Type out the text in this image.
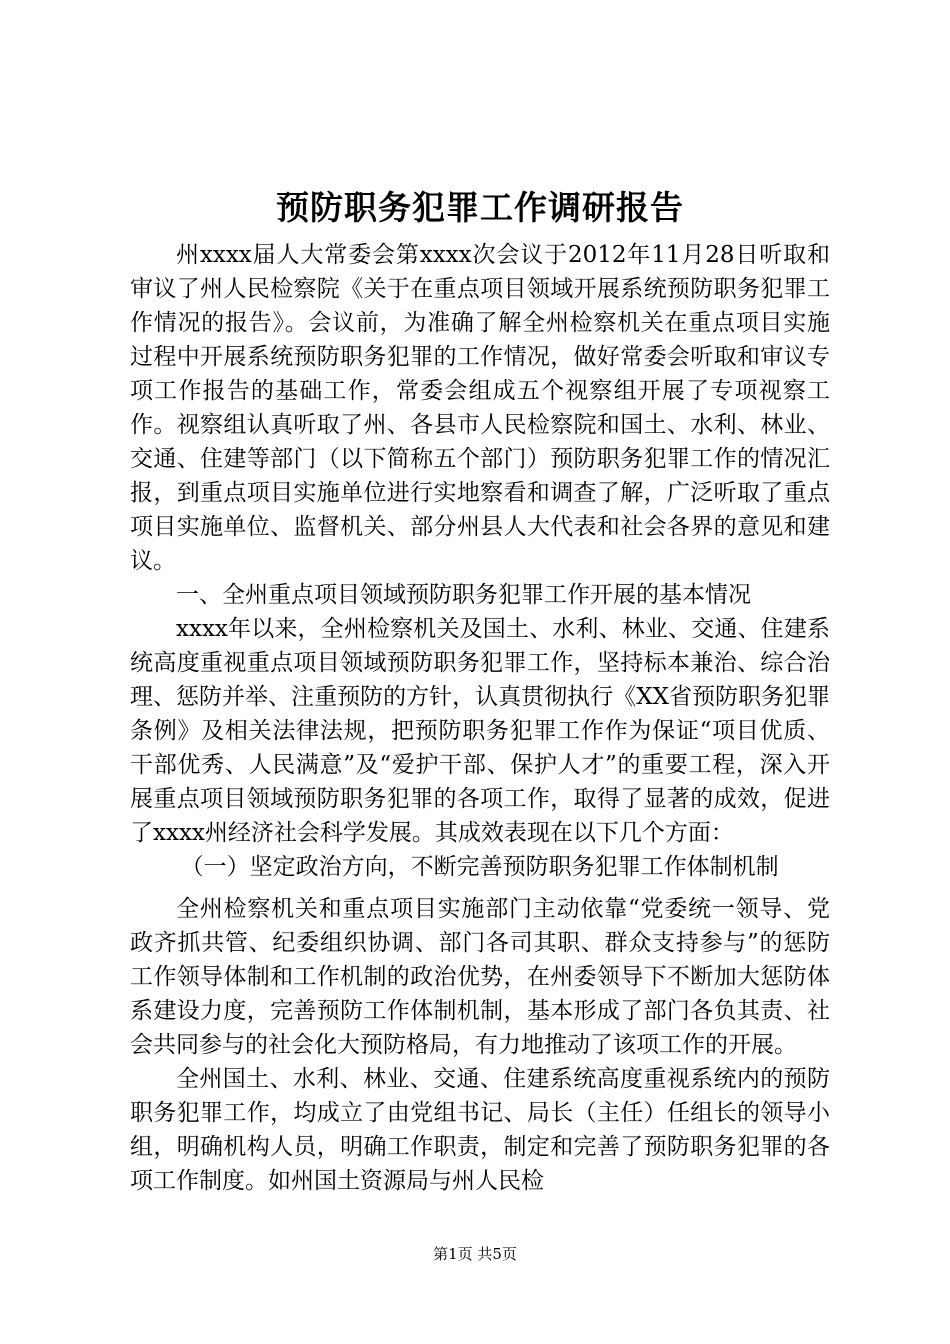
预防职务犯罪工作调研报告

州xxxx届人大常委会第xxxx次会议于2012年11月28日听取和审议了州人民检察院《关于在重点项目领域开展系统预防职务犯罪工作情况的报告》。会议前，为准确了解全州检察机关在重点项目实施过程中开展系统预防职务犯罪的工作情况，做好常委会听取和审议专项工作报告的基础工作，常委会组成五个视察组开展了专项视察工作。视察组认真听取了州、各县市人民检察院和国土、水利、林业、交通、住建等部门（以下简称五个部门）预防职务犯罪工作的情况汇报，到重点项目实施单位进行实地察看和调查了解，广泛听取了重点项目实施单位、监督机关、部分州县人大代表和社会各界的意见和建议。

一、全州重点项目领域预防职务犯罪工作开展的基本情况

xxxx年以来，全州检察机关及国土、水利、林业、交通、住建系统高度重视重点项目领域预防职务犯罪工作，坚持标本兼治、综合治理、惩防并举、注重预防的方针，认真贯彻执行《XX省预防职务犯罪条例》及相关法律法规，把预防职务犯罪工作作为保证“项目优质、干部优秀、人民满意”及“爱护干部、保护人才”的重要工程，深入开展重点项目领域预防职务犯罪的各项工作，取得了显著的成效，促进了xxxx州经济社会科学发展。其成效表现在以下几个方面：

（一）坚定政治方向，不断完善预防职务犯罪工作体制机制

全州检察机关和重点项目实施部门主动依靠“党委统一领导、党政齐抓共管、纪委组织协调、部门各司其职、群众支持参与”的惩防工作领导体制和工作机制的政治优势，在州委领导下不断加大惩防体系建设力度，完善预防工作体制机制，基本形成了部门各负其责、社会共同参与的社会化大预防格局，有力地推动了该项工作的开展。

全州国土、水利、林业、交通、住建系统高度重视系统内的预防职务犯罪工作，均成立了由党组书记、局长（主任）任组长的领导小组，明确机构人员，明确工作职责，制定和完善了预防职务犯罪的各项工作制度。如州国土资源局与州人民检

第1页 共5页
